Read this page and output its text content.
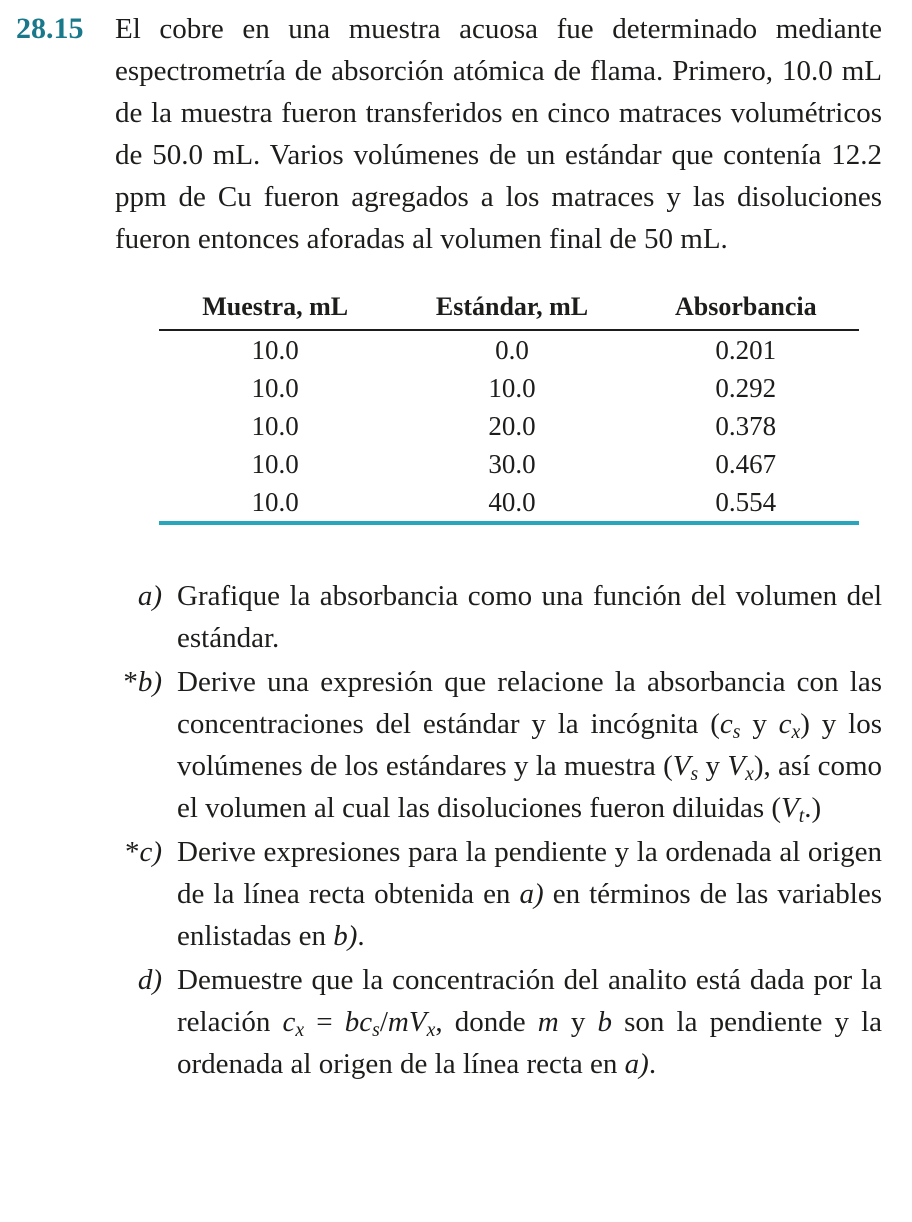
28.15	El cobre en una muestra acuosa fue determinado mediante espectrometría de absorción atómica de flama. Primero, 10.0 mL de la muestra fueron transferidos en cinco matraces volumétricos de 50.0 mL. Varios volúmenes de un estándar que contenía 12.2 ppm de Cu fueron agregados a los matraces y las disoluciones fueron entonces aforadas al volumen final de 50 mL.

Muestra, mL	Estándar, mL	Absorbancia
10.0	0.0	0.201
10.0	10.0	0.292
10.0	20.0	0.378
10.0	30.0	0.467
10.0	40.0	0.554
a) Grafique la absorbancia como una función del volumen del estándar.
*b) Derive una expresión que relacione la absorbancia con las concentraciones del estándar y la incógnita ($c_s$ y $c_x$) y los volúmenes de los estándares y la muestra ($V_s$ y $V_x$), así como el volumen al cual las disoluciones fueron diluidas $(V_t.)$
*c) Derive expresiones para la pendiente y la ordenada al origen de la línea recta obtenida en a) en términos de las variables enlistadas en b).
d) Demuestre que la concentración del analito está dada por la relación $c_x = bc_s/mV_x$, donde m y b son la pendiente y la ordenada al origen de la línea recta en a).
